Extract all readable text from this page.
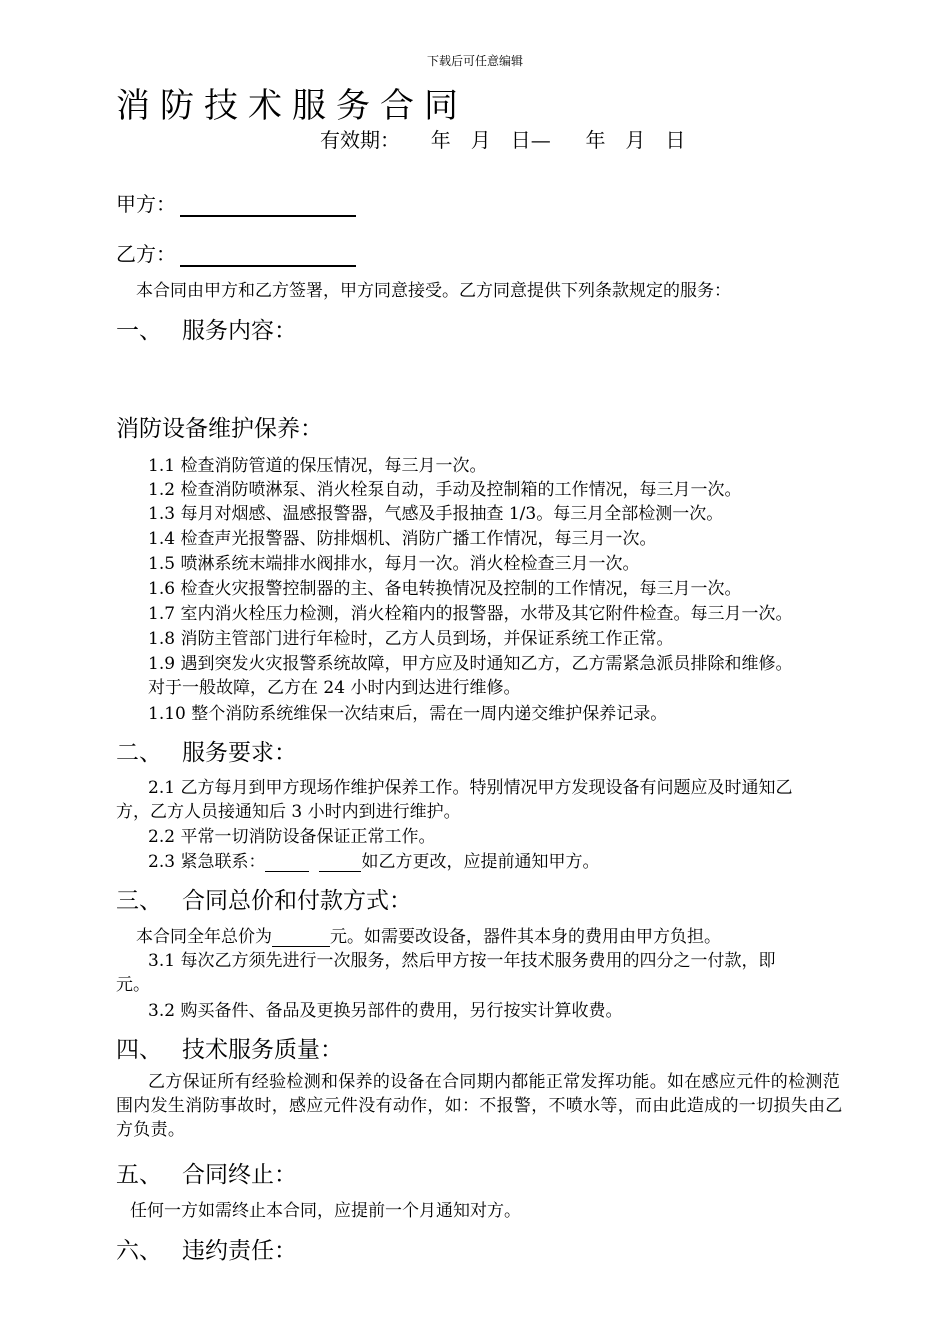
下载后可任意编辑
消防技术服务合同
有效期： 年　月　日— 年　月　日
甲方：
乙方：
本合同由甲方和乙方签署，甲方同意接受。乙方同意提供下列条款规定的服务：
一、 服务内容：
消防设备维护保养：
1.1 检查消防管道的保压情况，每三月一次。
1.2 检查消防喷淋泵、消火栓泵自动，手动及控制箱的工作情况，每三月一次。
1.3 每月对烟感、温感报警器，气感及手报抽查 1/3。每三月全部检测一次。
1.4 检查声光报警器、防排烟机、消防广播工作情况，每三月一次。
1.5 喷淋系统末端排水阀排水，每月一次。消火栓检查三月一次。
1.6 检查火灾报警控制器的主、备电转换情况及控制的工作情况，每三月一次。
1.7 室内消火栓压力检测，消火栓箱内的报警器，水带及其它附件检查。每三月一次。
1.8 消防主管部门进行年检时，乙方人员到场，并保证系统工作正常。
1.9 遇到突发火灾报警系统故障，甲方应及时通知乙方，乙方需紧急派员排除和维修。
对于一般故障，乙方在 24 小时内到达进行维修。
1.10 整个消防系统维保一次结束后，需在一周内递交维护保养记录。
二、 服务要求：
2.1 乙方每月到甲方现场作维护保养工作。特别情况甲方发现设备有问题应及时通知乙
方，乙方人员接通知后 3 小时内到进行维护。
2.2 平常一切消防设备保证正常工作。
2.3 紧急联系：	如乙方更改，应提前通知甲方。
三、 合同总价和付款方式：
本合同全年总价为	元。如需要改设备，器件其本身的费用由甲方负担。
3.1 每次乙方须先进行一次服务，然后甲方按一年技术服务费用的四分之一付款，即
元。
3.2 购买备件、备品及更换另部件的费用，另行按实计算收费。
四、 技术服务质量：
乙方保证所有经验检测和保养的设备在合同期内都能正常发挥功能。如在感应元件的检测范围内发生消防事故时，感应元件没有动作，如：不报警，不喷水等，而由此造成的一切损失由乙方负责。
五、 合同终止：
任何一方如需终止本合同，应提前一个月通知对方。
六、 违约责任：
